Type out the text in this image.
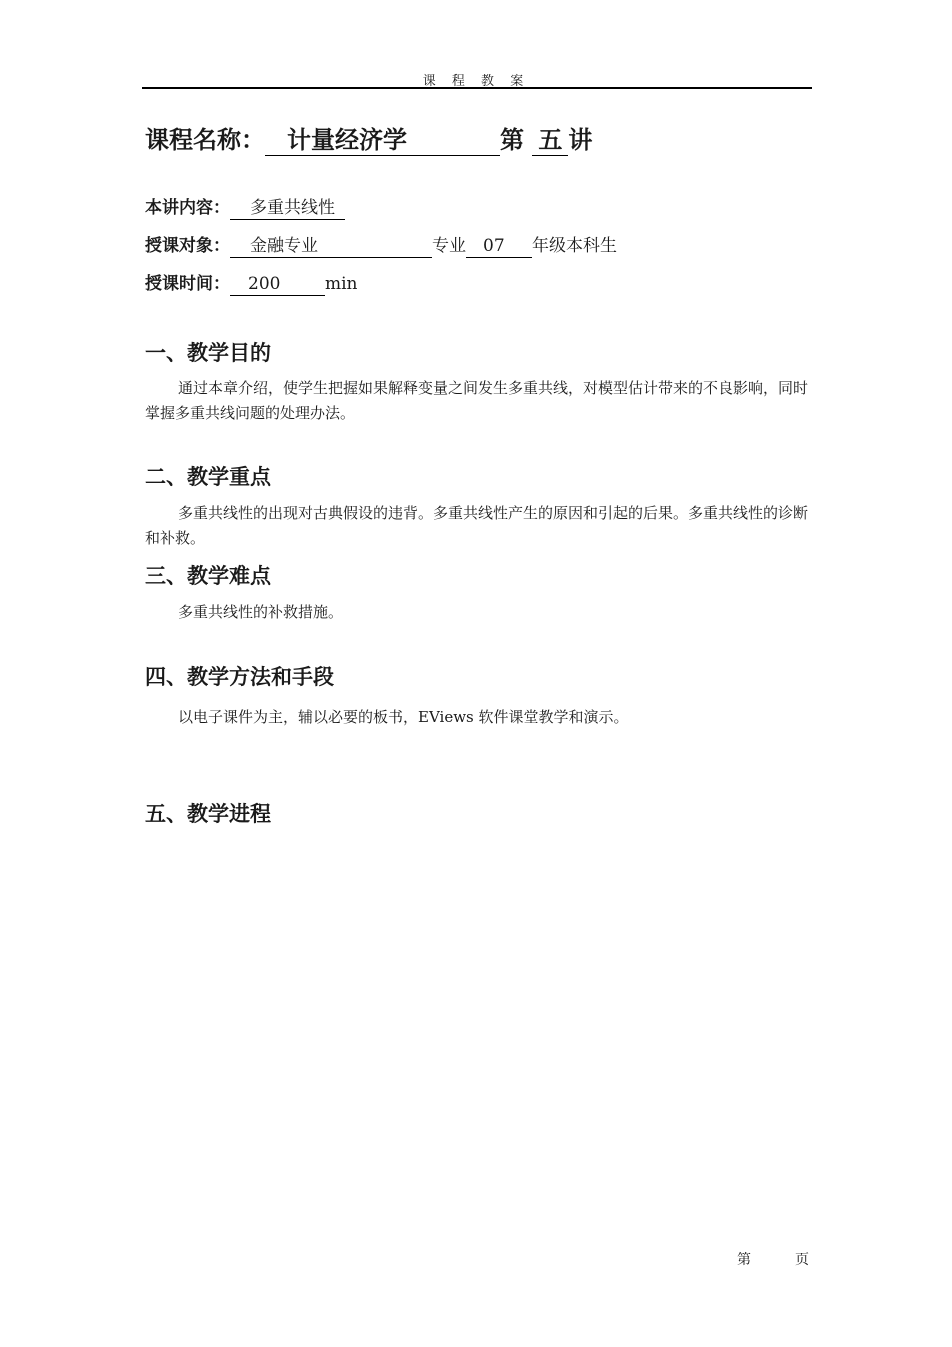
课 程 教 案
课程名称： 计量经济学	第 五 讲
本讲内容： 多重共线性
授课对象： 金融专业	专业 07 年级本科生
授课时间： 200	min
一、教学目的

通过本章介绍，使学生把握如果解释变量之间发生多重共线，对模型估计带来的不良影响，同时掌握多重共线问题的处理办法。

二、教学重点

多重共线性的出现对古典假设的违背。多重共线性产生的原因和引起的后果。多重共线性的诊断和补救。

三、教学难点

多重共线性的补救措施。

四、教学方法和手段

以电子课件为主，辅以必要的板书，EViews 软件课堂教学和演示。

五、教学进程
第	页
